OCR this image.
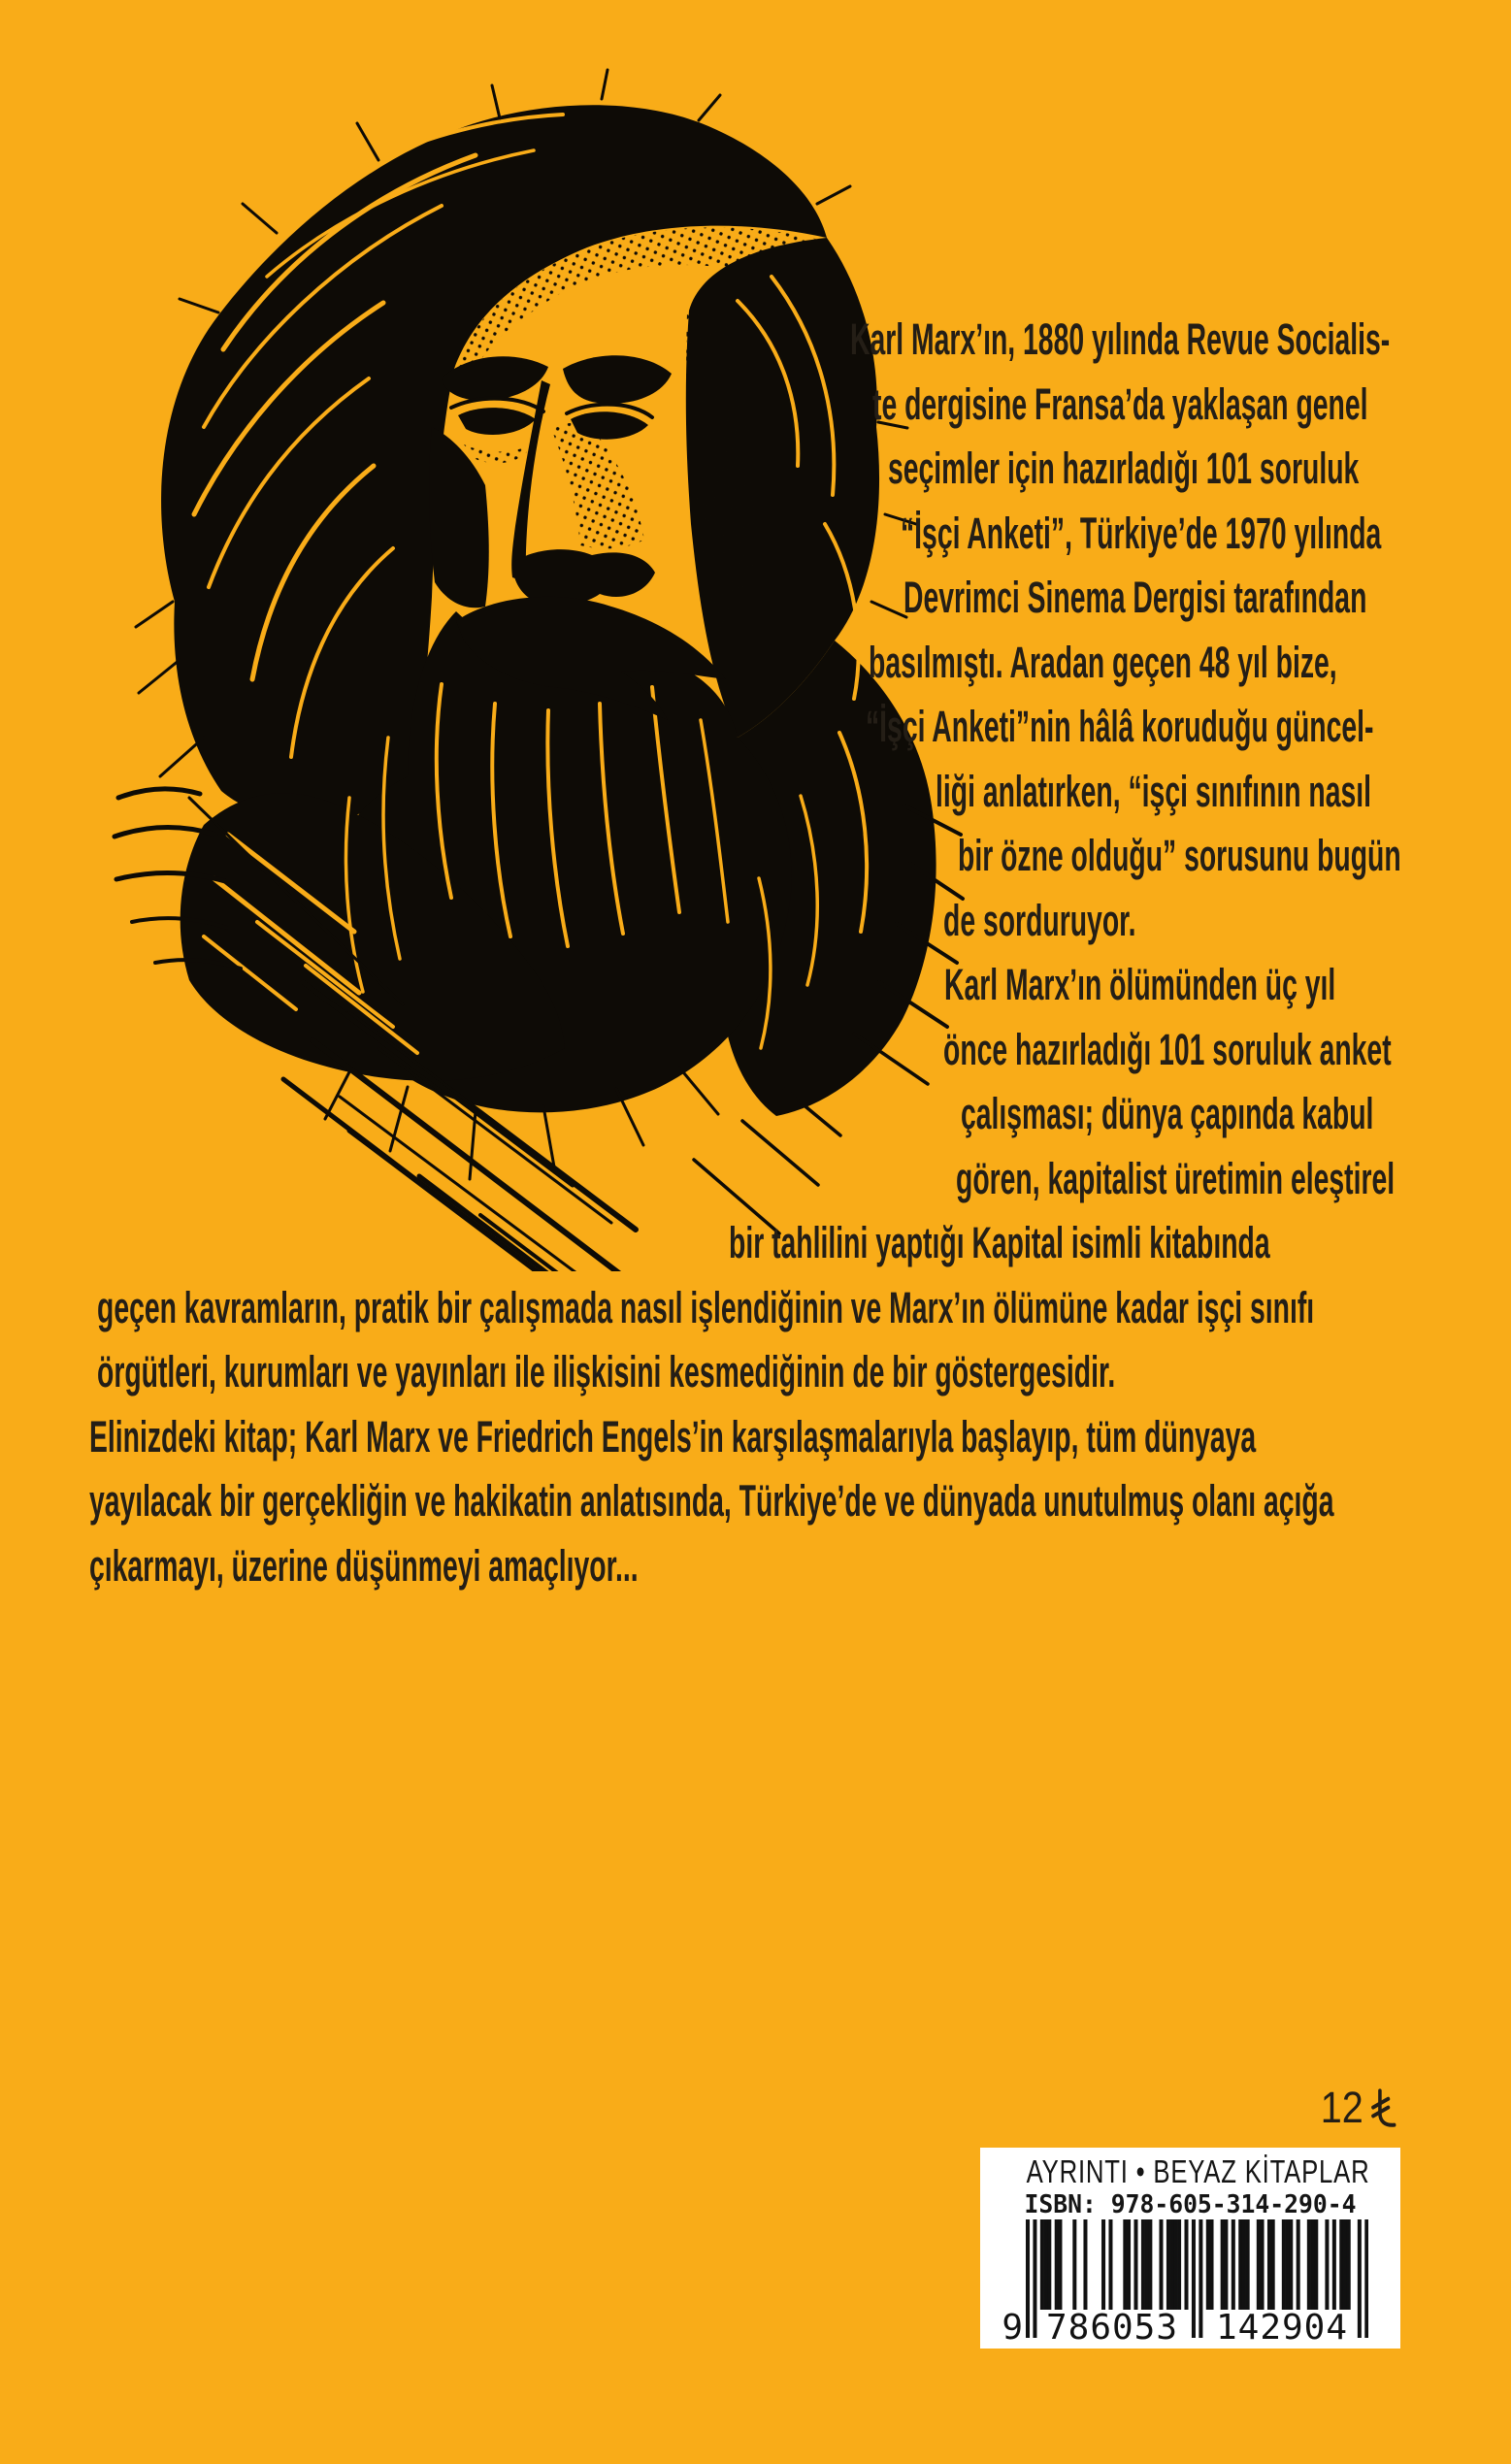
Karl Marx’ın, 1880 yılında Revue Socialis-
te dergisine Fransa’da yaklaşan genel
seçimler için hazırladığı 101 soruluk
“İşçi Anketi”, Türkiye’de 1970 yılında
Devrimci Sinema Dergisi tarafından
basılmıştı. Aradan geçen 48 yıl bize,
“İşçi Anketi”nin hâlâ koruduğu güncel-
liği anlatırken, “işçi sınıfının nasıl
bir özne olduğu” sorusunu bugün
de sorduruyor.
Karl Marx’ın ölümünden üç yıl
önce hazırladığı 101 soruluk anket
çalışması; dünya çapında kabul
gören, kapitalist üretimin eleştirel
bir tahlilini yaptığı Kapital isimli kitabında
geçen kavramların, pratik bir çalışmada nasıl işlendiğinin ve Marx’ın ölümüne kadar işçi sınıfı
örgütleri, kurumları ve yayınları ile ilişkisini kesmediğinin de bir göstergesidir.
Elinizdeki kitap; Karl Marx ve Friedrich Engels’in karşılaşmalarıyla başlayıp, tüm dünyaya
yayılacak bir gerçekliğin ve hakikatin anlatısında, Türkiye’de ve dünyada unutulmuş olanı açığa
çıkarmayı, üzerine düşünmeyi amaçlıyor...
12
AYRINTI • BEYAZ KİTAPLAR
ISBN: 978-605-314-290-4
9 786053 142904
